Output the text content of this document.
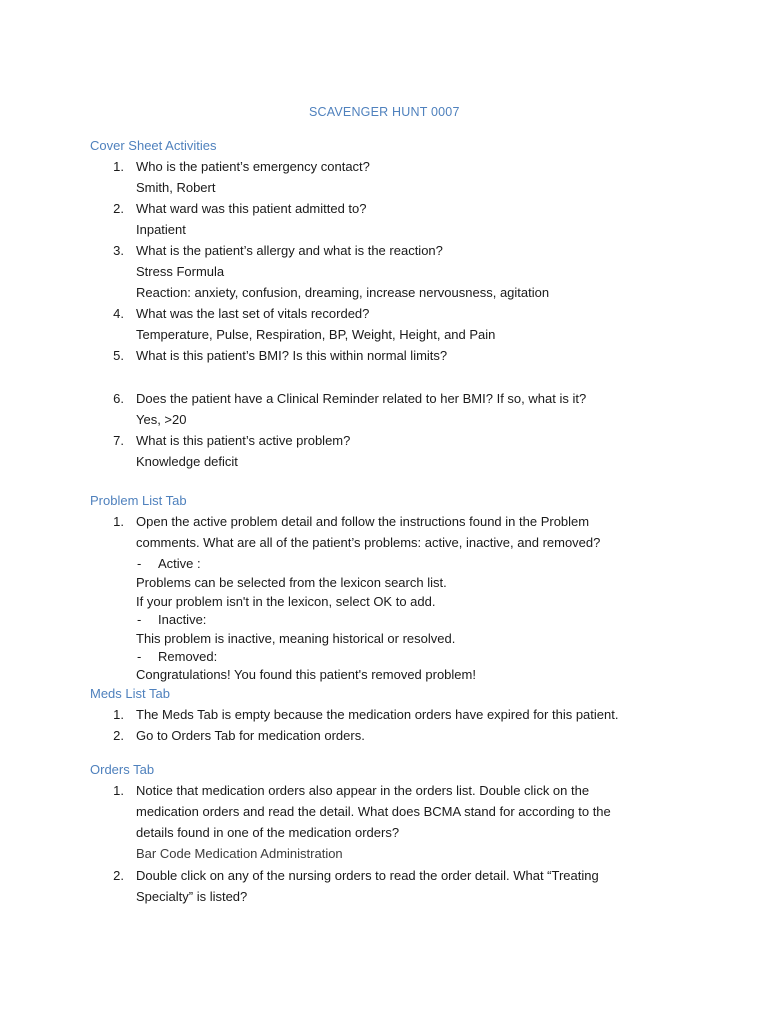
SCAVENGER HUNT 0007
Cover Sheet Activities
1. Who is the patient’s emergency contact?
Smith, Robert
2. What ward was this patient admitted to?
Inpatient
3. What is the patient’s allergy and what is the reaction?
Stress Formula
Reaction: anxiety, confusion, dreaming, increase nervousness, agitation
4. What was the last set of vitals recorded?
Temperature, Pulse, Respiration, BP, Weight, Height, and Pain
5. What is this patient’s BMI? Is this within normal limits?
6. Does the patient have a Clinical Reminder related to her BMI? If so, what is it?
Yes, >20
7. What is this patient’s active problem?
Knowledge deficit
Problem List Tab
1. Open the active problem detail and follow the instructions found in the Problem
comments. What are all of the patient’s problems: active, inactive, and removed?
- Active :
Problems can be selected from the lexicon search list.
If your problem isn't in the lexicon, select OK to add.
- Inactive:
This problem is inactive, meaning historical or resolved.
- Removed:
Congratulations! You found this patient's removed problem!
Meds List Tab
1. The Meds Tab is empty because the medication orders have expired for this patient.
2. Go to Orders Tab for medication orders.
Orders Tab
1. Notice that medication orders also appear in the orders list. Double click on the
medication orders and read the detail. What does BCMA stand for according to the
details found in one of the medication orders?
Bar Code Medication Administration
2. Double click on any of the nursing orders to read the order detail. What “Treating
Specialty” is listed?
